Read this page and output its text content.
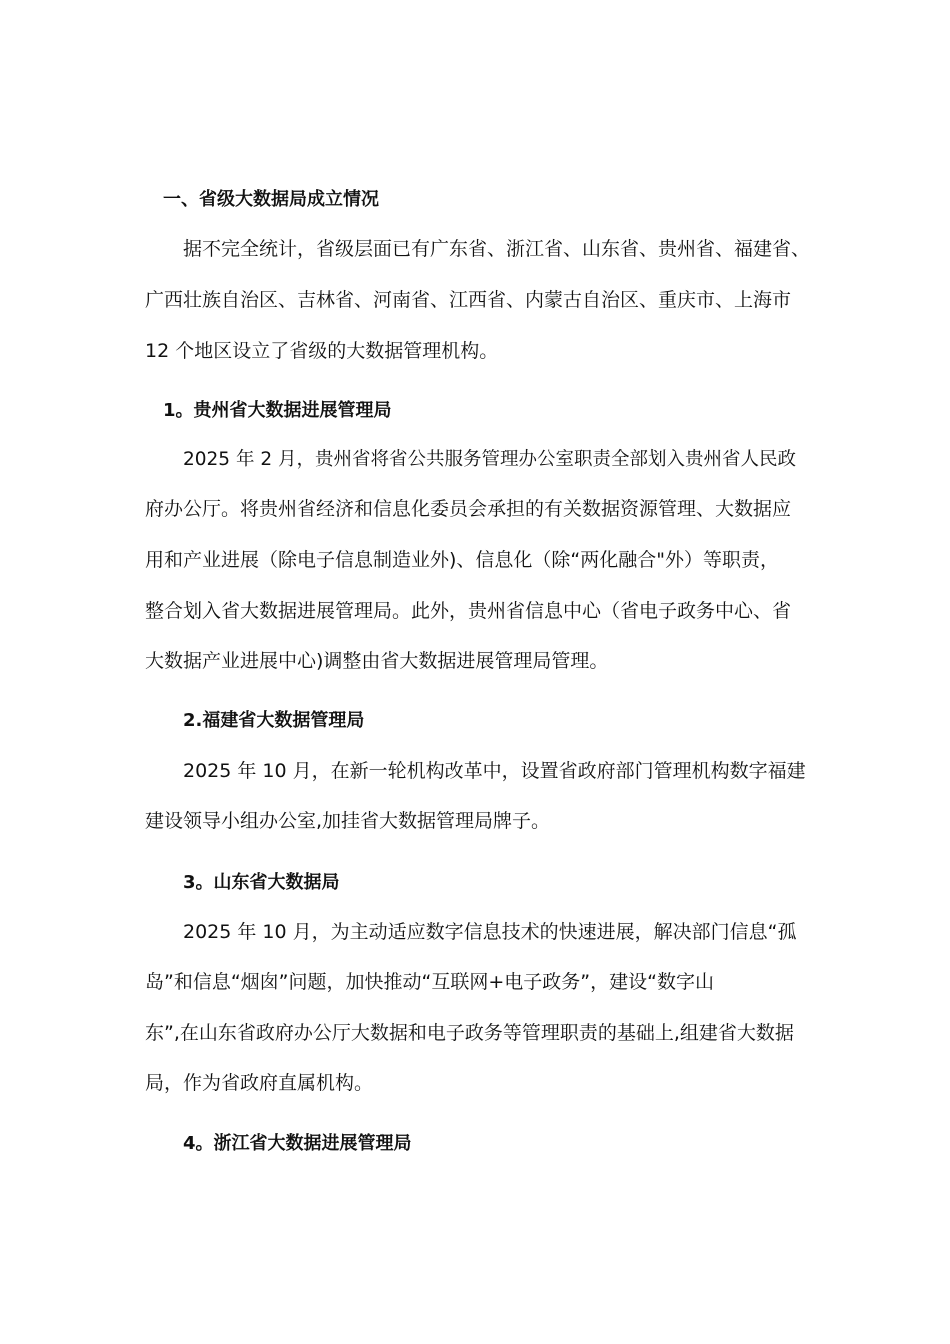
一、省级大数据局成立情况
据不完全统计，省级层面已有广东省、浙江省、山东省、贵州省、福建省、
广西壮族自治区、吉林省、河南省、江西省、内蒙古自治区、重庆市、上海市
12 个地区设立了省级的大数据管理机构。
1。贵州省大数据进展管理局
2025 年 2 月，贵州省将省公共服务管理办公室职责全部划入贵州省人民政
府办公厅。将贵州省经济和信息化委员会承担的有关数据资源管理、大数据应
用和产业进展（除电子信息制造业外)、信息化（除“两化融合"外）等职责，
整合划入省大数据进展管理局。此外，贵州省信息中心（省电子政务中心、省
大数据产业进展中心)调整由省大数据进展管理局管理。
2.福建省大数据管理局
2025 年 10 月，在新一轮机构改革中，设置省政府部门管理机构数字福建
建设领导小组办公室,加挂省大数据管理局牌子。
3。山东省大数据局
2025 年 10 月，为主动适应数字信息技术的快速进展，解决部门信息“孤
岛”和信息“烟囱”问题，加快推动“互联网+电子政务”，建设“数字山
东”,在山东省政府办公厅大数据和电子政务等管理职责的基础上,组建省大数据
局，作为省政府直属机构。
4。浙江省大数据进展管理局
